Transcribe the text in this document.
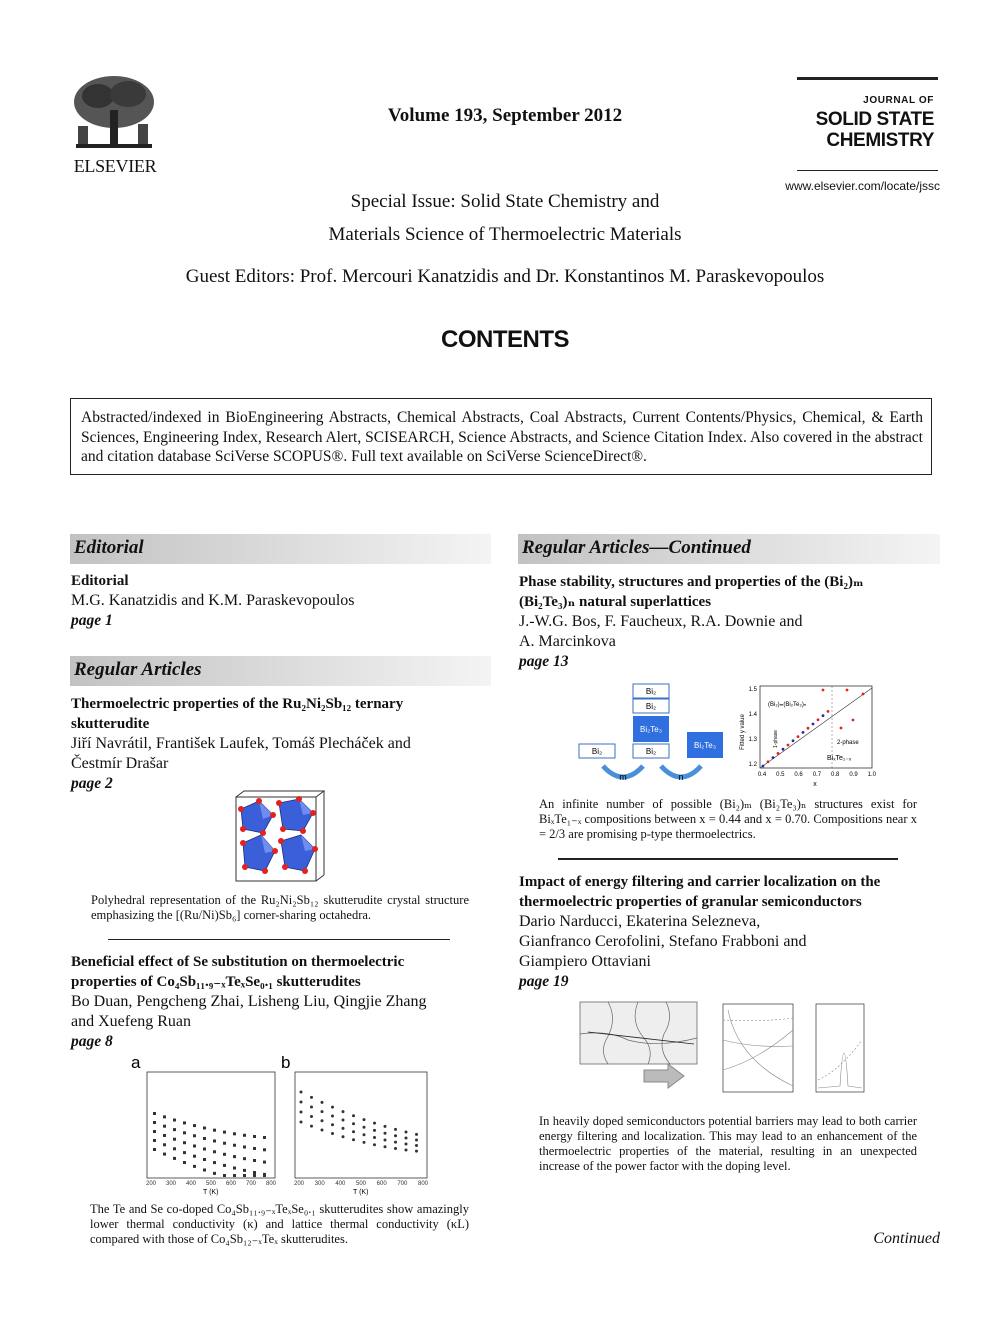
ELSEVIER
Volume 193, September 2012
JOURNAL OF
SOLID STATE
CHEMISTRY
www.elsevier.com/locate/jssc
Special Issue: Solid State Chemistry and
Materials Science of Thermoelectric Materials
Guest Editors: Prof. Mercouri Kanatzidis and Dr. Konstantinos M. Paraskevopoulos
CONTENTS
Abstracted/indexed in BioEngineering Abstracts, Chemical Abstracts, Coal Abstracts, Current Contents/Physics, Chemical, & Earth Sciences, Engineering Index, Research Alert, SCISEARCH, Science Abstracts, and Science Citation Index. Also covered in the abstract and citation database SciVerse SCOPUS®. Full text available on SciVerse ScienceDirect®.
Editorial
Editorial
M.G. Kanatzidis and K.M. Paraskevopoulos
page 1
Regular Articles
Thermoelectric properties of the Ru₂Ni₂Sb₁₂ ternary
skutterudite
Jiří Navrátil, František Laufek, Tomáš Plecháček and
Čestmír Drašar
page 2
Polyhedral representation of the Ru₂Ni₂Sb₁₂ skutterudite crystal structure emphasizing the [(Ru/Ni)Sb₆] corner-sharing octahedra.
Beneficial effect of Se substitution on thermoelectric
properties of Co₄Sb₁₁.₉₋ₓTeₓSe₀.₁ skutterudites
Bo Duan, Pengcheng Zhai, Lisheng Liu, Qingjie Zhang
and Xuefeng Ruan
page 8
a	b
200 300 400 500 600 700 800	200 300 400 500 600 700 800
T (K)	T (K)
The Te and Se co-doped Co₄Sb₁₁.₉₋ₓTeₓSe₀.₁ skutterudites show amazingly lower thermal conductivity (κ) and lattice thermal conductivity (κL) compared with those of Co₄Sb₁₂₋ₓTeₓ skutterudites.
Regular Articles—Continued
Phase stability, structures and properties of the (Bi₂)ₘ
(Bi₂Te₃)ₙ natural superlattices
J.-W.G. Bos, F. Faucheux, R.A. Downie and
A. Marcinkova
page 13
Bi₂
Bi₂
Bi₂Te₃
Bi₂
Bi₂
Bi₂Te₃
m	n
1.5
1.4
1.3
1.2
0.4 0.5 0.6 0.7 0.8 0.9 1.0
(Bi₂)ₘ(Bi₂Te₃)ₙ
Fitted y value
x
1-phase	2-phase
BiₓTe₁₋ₓ
An infinite number of possible (Bi₂)ₘ (Bi₂Te₃)ₙ structures exist for BiₓTe₁₋ₓ compositions between x = 0.44 and x = 0.70. Compositions near x = 2/3 are promising p-type thermoelectrics.
Impact of energy filtering and carrier localization on the
thermoelectric properties of granular semiconductors
Dario Narducci, Ekaterina Selezneva,
Gianfranco Cerofolini, Stefano Frabboni and
Giampiero Ottaviani
page 19
In heavily doped semiconductors potential barriers may lead to both carrier energy filtering and localization. This may lead to an enhancement of the thermoelectric properties of the material, resulting in an unexpected increase of the power factor with the doping level.
Continued
